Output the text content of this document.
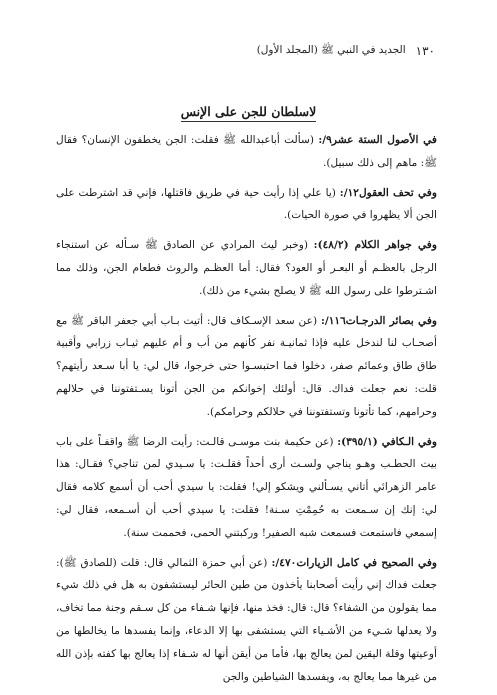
١٣٠
الجديد في النبي ﷺ (المجلد الأول)
لاسلطان للجن على الإنس

في الأصول الستة عشر٩/: (سألت أباعبدالله ﷺ فقلت: الجن يخطفون الإنسان؟ فقال ﷺ: ماهم إلى ذلك سبيل).

وفي تحف العقول١٢/: (يا علي إذا رأيت حية في طريق فاقتلها، فإني قد اشترطت على الجن ألا يظهروا في صورة الحيات).

وفي جواهر الكلام (٤٨/٢): (وخبر ليث المرادي عن الصادق ﷺ سـأله عن استنجاء الرجل بالعظـم أو البعـر أو العود؟ فقال: أما العظـم والروث فطعام الجن، وذلك مما اشـترطوا على رسول الله ﷺ لا يصلح بشيء من ذلك).

وفي بصائر الدرجـات١١٦/: (عن سعد الإسـكاف قال: أتيت بـاب أبي جعفر الباقر ﷺ مع أصحـاب لنا لندخل عليه فإذا ثمانيـة نفر كأنهم من أب و أم عليهم ثيـاب زرابي وأقبية طاق طاق وعمائم صفر، دخلوا فما احتبسـوا حتى خرجوا، قال لي: يا أبا سـعد رأيتهم؟ قلت: نعم جعلت فداك. قال: أولئك إخوانكم من الجن أتونا يسـتفتوننا في حلالهم وحرامهم، كما تأتونا وتستفتوننا في حلالكم وحرامكم).

وفي الـكافي (٣٩٥/١): (عن حكيمة بنت موسـى قالـت: رأيت الرضا ﷺ واقفـاً على باب بيت الحطـب وهـو يناجي ولسـت أرى أحداً فقلـت: يا سـيدي لمن تناجي؟ فقـال: هذا عامر الزهرائي أتاني يسـألني ويشكو إلي! فقلت: يا سيدي أحب أن أسمع كلامه فقال لي: إنك إن سـمعت به حُمِمْتِ سـنة! فقلت: يا سيدي أحب أن أسـمعه، فقال لي: إسمعي فاستمعت فسمعت شبه الصفير! وركبتني الحمى، فحممت سنة).

وفي الصحيح في كامل الزيارات٤٧٠/: (عن أبي حمزة الثمالي قال: قلت (للصادق ﷺ): جعلت فداك إني رأيت أصحابنا يأخذون من طين الحائر ليستشفون به هل في ذلك شيء مما يقولون من الشفاء؟ قال: قال: فخذ منها، فإنها شـفاء من كل سـقم وجنة مما تخاف، ولا يعدلها شـيء من الأشـياء التي يستشفى بها إلا الدعاء، وإنما يفسدها ما يخالطها من أوعيتها وقلة اليقين لمن يعالج بها، فأما من أيقن أنها له شـفاء إذا يعالج بها كفته بإذن الله من غيرها مما يعالج به، ويفسدها الشياطين والجن
